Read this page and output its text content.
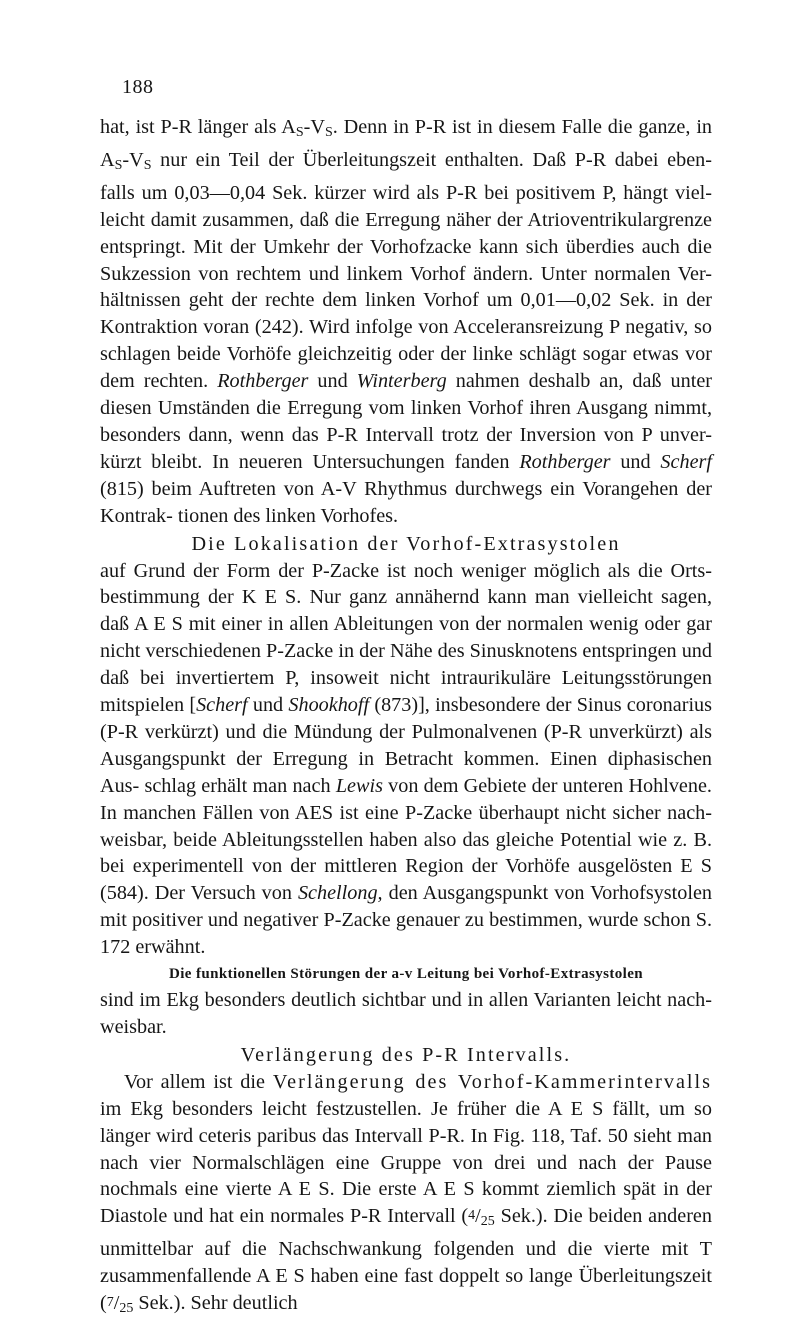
188

hat, ist P-R länger als $A_S-V_S$. Denn in P-R ist in diesem Falle die ganze, in $A_S-V_S$ nur ein Teil der Überleitungszeit enthalten. Daß P-R dabei eben- falls um 0,03—0,04 Sek. kürzer wird als P-R bei positivem P, hängt viel- leicht damit zusammen, daß die Erregung näher der Atrioventrikulargrenze entspringt. Mit der Umkehr der Vorhofzacke kann sich überdies auch die Sukzession von rechtem und linkem Vorhof ändern. Unter normalen Ver- hältnissen geht der rechte dem linken Vorhof um 0,01—0,02 Sek. in der Kontraktion voran (242). Wird infolge von Acceleransreizung P negativ, so schlagen beide Vorhöfe gleichzeitig oder der linke schlägt sogar etwas vor dem rechten. Rothberger und Winterberg nahmen deshalb an, daß unter diesen Umständen die Erregung vom linken Vorhof ihren Ausgang nimmt, besonders dann, wenn das P-R Intervall trotz der Inversion von P unver- kürzt bleibt. In neueren Untersuchungen fanden Rothberger und Scherf (815) beim Auftreten von A-V Rhythmus durchwegs ein Vorangehen der Kontrak- tionen des linken Vorhofes.

Die Lokalisation der Vorhof-Extrasystolen

auf Grund der Form der P-Zacke ist noch weniger möglich als die Orts- bestimmung der K E S. Nur ganz annähernd kann man vielleicht sagen, daß A E S mit einer in allen Ableitungen von der normalen wenig oder gar nicht verschiedenen P-Zacke in der Nähe des Sinusknotens entspringen und daß bei invertiertem P, insoweit nicht intraurikuläre Leitungsstörungen mitspielen [Scherf und Shookhoff (873)], insbesondere der Sinus coronarius (P-R verkürzt) und die Mündung der Pulmonalvenen (P-R unverkürzt) als Ausgangspunkt der Erregung in Betracht kommen. Einen diphasischen Aus- schlag erhält man nach Lewis von dem Gebiete der unteren Hohlvene. In manchen Fällen von AES ist eine P-Zacke überhaupt nicht sicher nach- weisbar, beide Ableitungsstellen haben also das gleiche Potential wie z. B. bei experimentell von der mittleren Region der Vorhöfe ausgelösten E S (584). Der Versuch von Schellong, den Ausgangspunkt von Vorhofsystolen mit positiver und negativer P-Zacke genauer zu bestimmen, wurde schon S. 172 erwähnt.

Die funktionellen Störungen der a-v Leitung bei Vorhof-Extrasystolen

sind im Ekg besonders deutlich sichtbar und in allen Varianten leicht nach- weisbar.

Verlängerung des P-R Intervalls.

Vor allem ist die Verlängerung des Vorhof-Kammerintervalls im Ekg besonders leicht festzustellen. Je früher die A E S fällt, um so länger wird ceteris paribus das Intervall P-R. In Fig. 118, Taf. 50 sieht man nach vier Normalschlägen eine Gruppe von drei und nach der Pause nochmals eine vierte A E S. Die erste A E S kommt ziemlich spät in der Diastole und hat ein normales P-R Intervall (4/25 Sek.). Die beiden anderen unmittelbar auf die Nachschwankung folgenden und die vierte mit T zusammenfallende A E S haben eine fast doppelt so lange Überleitungszeit (7/25 Sek.). Sehr deutlich
